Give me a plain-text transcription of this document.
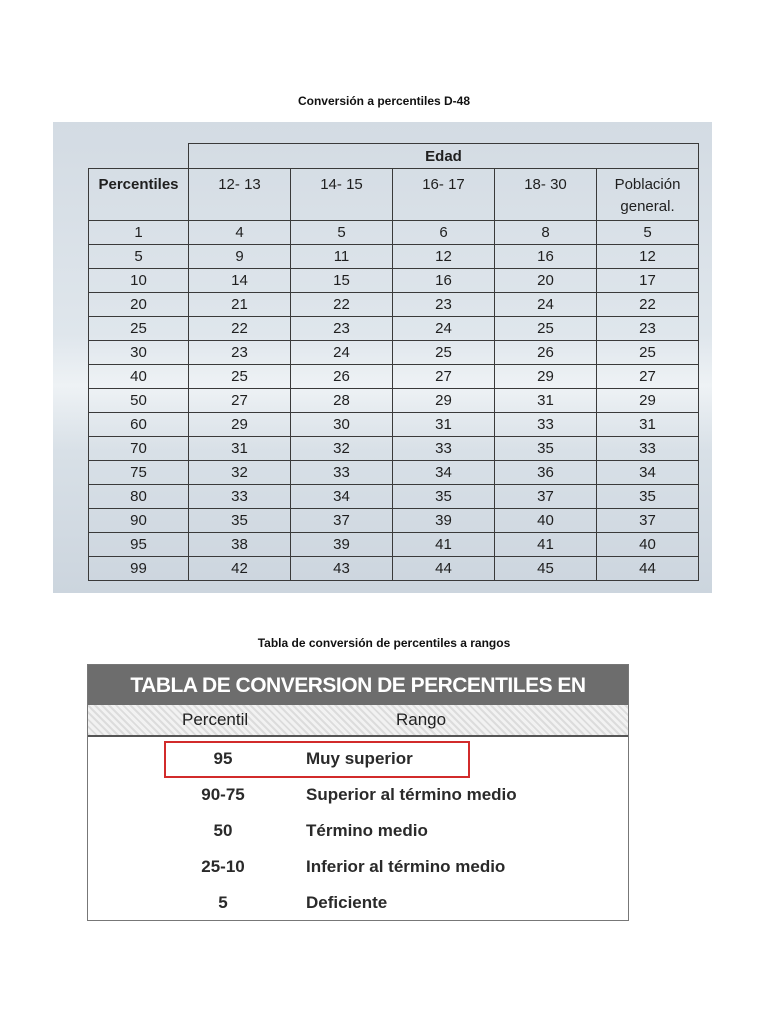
Conversión a percentiles D-48
	Edad				
Percentiles	12- 13	14- 15	16- 17	18- 30	Población
general.

1	4	5	6	8	5
5	9	11	12	16	12
10	14	15	16	20	17
20	21	22	23	24	22
25	22	23	24	25	23
30	23	24	25	26	25
40	25	26	27	29	27
50	27	28	29	31	29
60	29	30	31	33	31
70	31	32	33	35	33
75	32	33	34	36	34
80	33	34	35	37	35
90	35	37	39	40	37
95	38	39	41	41	40
99	42	43	44	45	44
Tabla de conversión de percentiles a rangos
TABLA DE CONVERSION DE PERCENTILES EN
Percentil	Rango
95	Muy superior
90-75	Superior al término medio
50	Término medio
25-10	Inferior al término medio
5	Deficiente
